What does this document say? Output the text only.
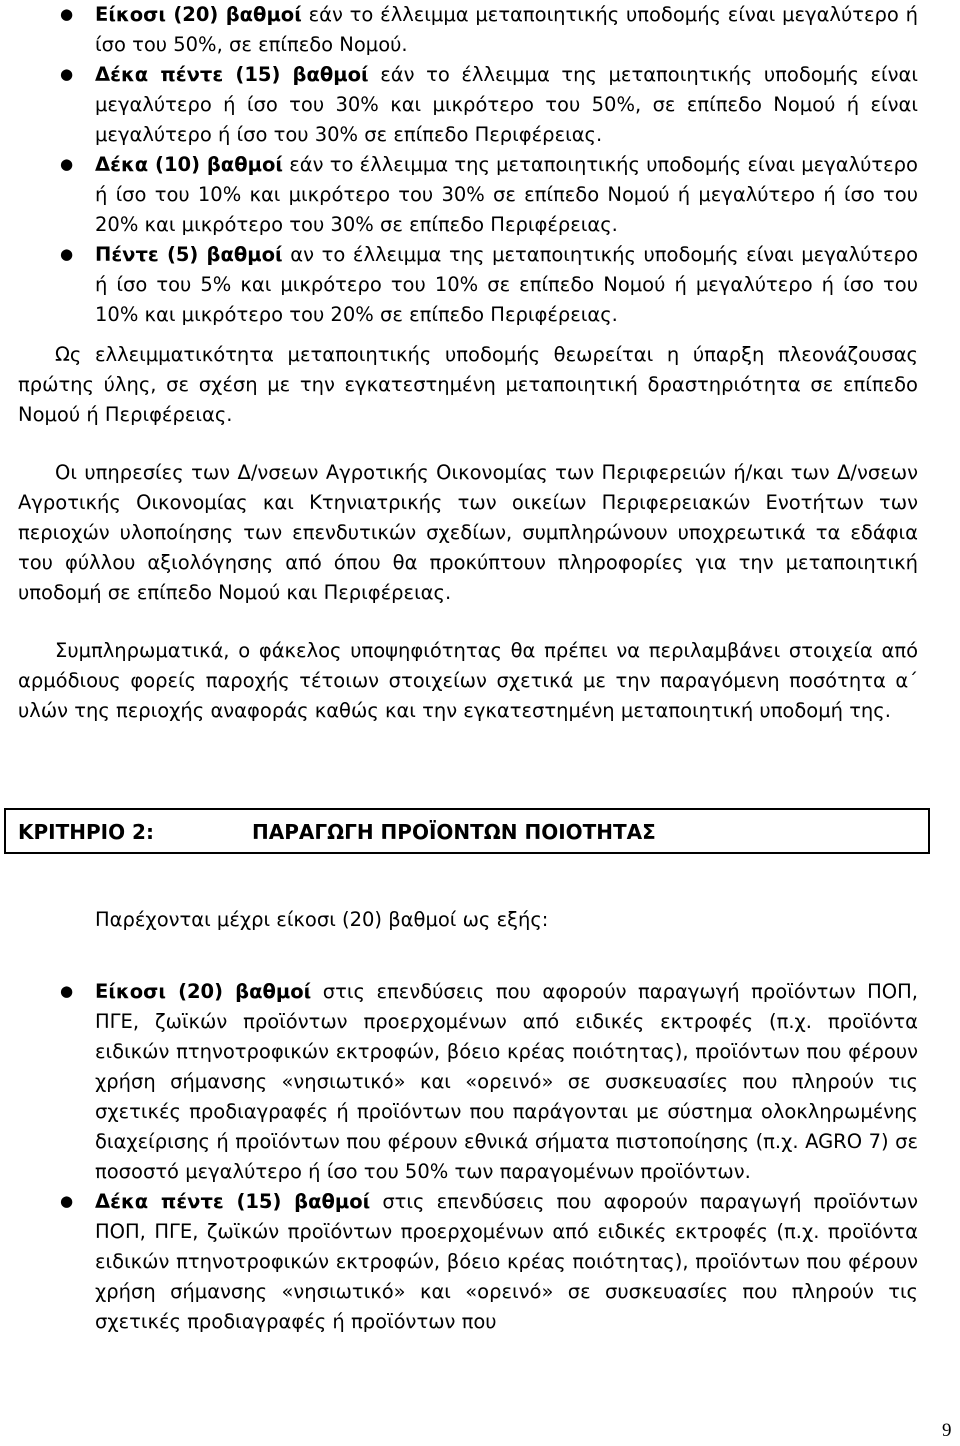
● Είκοσι (20) βαθμοί εάν το έλλειμμα μεταποιητικής υποδομής είναι μεγαλύτερο ή ίσο του 50%, σε επίπεδο Νομού.
● Δέκα πέντε (15) βαθμοί εάν το έλλειμμα της μεταποιητικής υποδομής είναι μεγαλύτερο ή ίσο του 30% και μικρότερο του 50%, σε επίπεδο Νομού ή είναι μεγαλύτερο ή ίσο του 30% σε επίπεδο Περιφέρειας.
● Δέκα (10) βαθμοί εάν το έλλειμμα της μεταποιητικής υποδομής είναι μεγαλύτερο ή ίσο του 10% και μικρότερο του 30% σε επίπεδο Νομού ή μεγαλύτερο ή ίσο του 20% και μικρότερο του 30% σε επίπεδο Περιφέρειας.
● Πέντε (5) βαθμοί αν το έλλειμμα της μεταποιητικής υποδομής είναι μεγαλύτερο ή ίσο του 5% και μικρότερο του 10% σε επίπεδο Νομού ή μεγαλύτερο ή ίσο του 10% και μικρότερο του 20% σε επίπεδο Περιφέρειας.

Ως ελλειμματικότητα μεταποιητικής υποδομής θεωρείται η ύπαρξη πλεονάζουσας πρώτης ύλης, σε σχέση με την εγκατεστημένη μεταποιητική δραστηριότητα σε επίπεδο Νομού ή Περιφέρειας.

Οι υπηρεσίες των Δ/νσεων Αγροτικής Οικονομίας των Περιφερειών ή/και των Δ/νσεων Αγροτικής Οικονομίας και Κτηνιατρικής των οικείων Περιφερειακών Ενοτήτων των περιοχών υλοποίησης των επενδυτικών σχεδίων, συμπληρώνουν υποχρεωτικά τα εδάφια του φύλλου αξιολόγησης από όπου θα προκύπτουν πληροφορίες για την μεταποιητική υποδομή σε επίπεδο Νομού και Περιφέρειας.

Συμπληρωματικά, ο φάκελος υποψηφιότητας θα πρέπει να περιλαμβάνει στοιχεία από αρμόδιους φορείς παροχής τέτοιων στοιχείων σχετικά με την παραγόμενη ποσότητα α΄ υλών της περιοχής αναφοράς καθώς και την εγκατεστημένη μεταποιητική υποδομή της.

ΚΡΙΤΗΡΙΟ 2:	ΠΑΡΑΓΩΓΗ ΠΡΟΪΟΝΤΩΝ ΠΟΙΟΤΗΤΑΣ
Παρέχονται μέχρι είκοσι (20) βαθμοί ως εξής:
● Είκοσι (20) βαθμοί στις επενδύσεις που αφορούν παραγωγή προϊόντων ΠΟΠ, ΠΓΕ, ζωϊκών προϊόντων προερχομένων από ειδικές εκτροφές (π.χ. προϊόντα ειδικών πτηνοτροφικών εκτροφών, βόειο κρέας ποιότητας), προϊόντων που φέρουν χρήση σήμανσης «νησιωτικό» και «ορεινό» σε συσκευασίες που πληρούν τις σχετικές προδιαγραφές ή προϊόντων που παράγονται με σύστημα ολοκληρωμένης διαχείρισης ή προϊόντων που φέρουν εθνικά σήματα πιστοποίησης (π.χ. AGRO 7) σε ποσοστό μεγαλύτερο ή ίσο του 50% των παραγομένων προϊόντων.
● Δέκα πέντε (15) βαθμοί στις επενδύσεις που αφορούν παραγωγή προϊόντων ΠΟΠ, ΠΓΕ, ζωϊκών προϊόντων προερχομένων από ειδικές εκτροφές (π.χ. προϊόντα ειδικών πτηνοτροφικών εκτροφών, βόειο κρέας ποιότητας), προϊόντων που φέρουν χρήση σήμανσης «νησιωτικό» και «ορεινό» σε συσκευασίες που πληρούν τις σχετικές προδιαγραφές ή προϊόντων που
9
